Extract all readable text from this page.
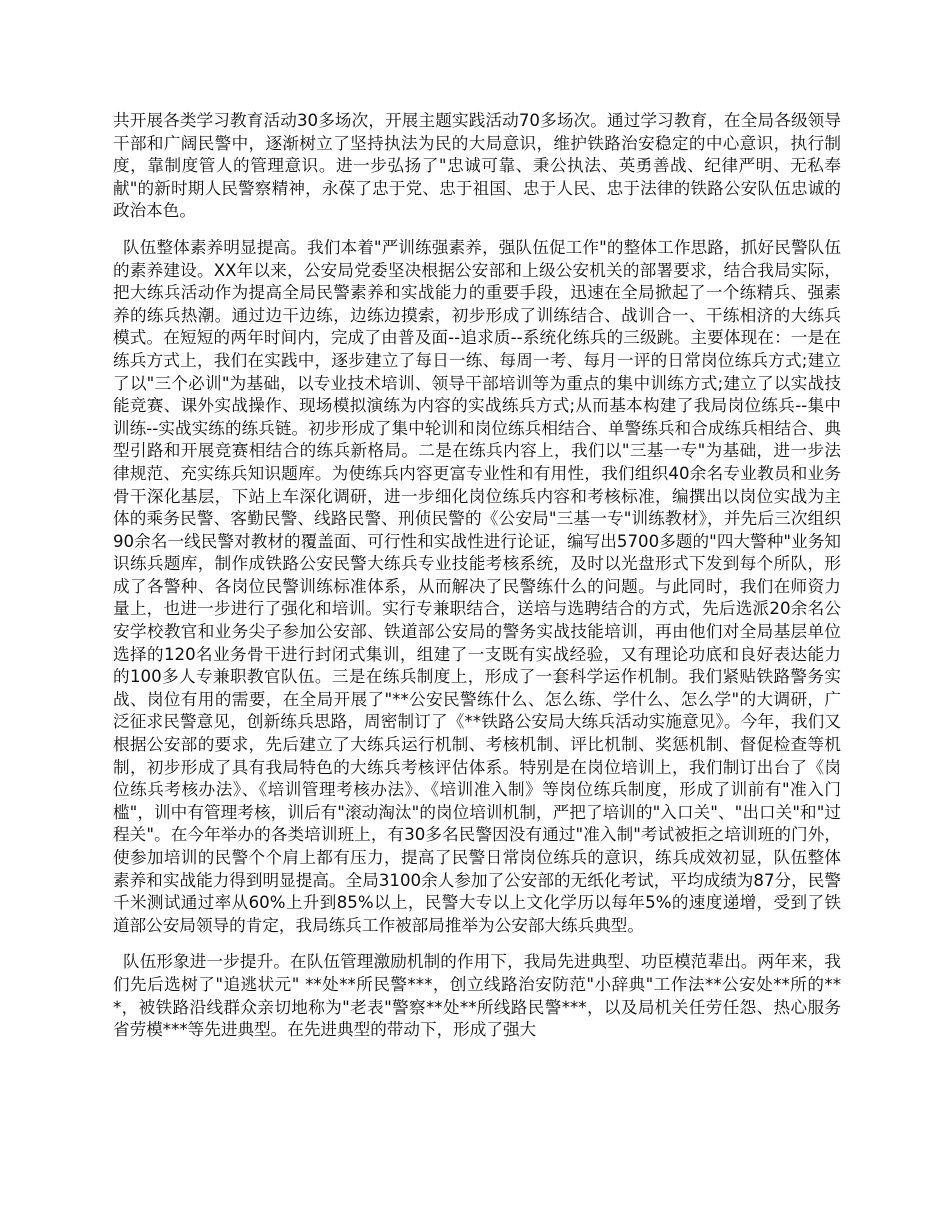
共开展各类学习教育活动30多场次，开展主题实践活动70多场次。通过学习教育，在全局各级领导干部和广阔民警中，逐渐树立了坚持执法为民的大局意识，维护铁路治安稳定的中心意识，执行制度，靠制度管人的管理意识。进一步弘扬了"忠诚可靠、秉公执法、英勇善战、纪律严明、无私奉献"的新时期人民警察精神，永葆了忠于党、忠于祖国、忠于人民、忠于法律的铁路公安队伍忠诚的政治本色。

队伍整体素养明显提高。我们本着"严训练强素养，强队伍促工作"的整体工作思路，抓好民警队伍的素养建设。XX年以来，公安局党委坚决根据公安部和上级公安机关的部署要求，结合我局实际，把大练兵活动作为提高全局民警素养和实战能力的重要手段，迅速在全局掀起了一个练精兵、强素养的练兵热潮。通过边干边练，边练边摸索，初步形成了训练结合、战训合一、干练相济的大练兵模式。在短短的两年时间内，完成了由普及面--追求质--系统化练兵的三级跳。主要体现在：一是在练兵方式上，我们在实践中，逐步建立了每日一练、每周一考、每月一评的日常岗位练兵方式;建立了以"三个必训"为基础，以专业技术培训、领导干部培训等为重点的集中训练方式;建立了以实战技能竞赛、课外实战操作、现场模拟演练为内容的实战练兵方式;从而基本构建了我局岗位练兵--集中训练--实战实练的练兵链。初步形成了集中轮训和岗位练兵相结合、单警练兵和合成练兵相结合、典型引路和开展竞赛相结合的练兵新格局。二是在练兵内容上，我们以"三基一专"为基础，进一步法律规范、充实练兵知识题库。为使练兵内容更富专业性和有用性，我们组织40余名专业教员和业务骨干深化基层，下站上车深化调研，进一步细化岗位练兵内容和考核标准，编撰出以岗位实战为主体的乘务民警、客勤民警、线路民警、刑侦民警的《公安局"三基一专"训练教材》，并先后三次组织90余名一线民警对教材的覆盖面、可行性和实战性进行论证，编写出5700多题的"四大警种"业务知识练兵题库，制作成铁路公安民警大练兵专业技能考核系统，及时以光盘形式下发到每个所队，形成了各警种、各岗位民警训练标准体系，从而解决了民警练什么的问题。与此同时，我们在师资力量上，也进一步进行了强化和培训。实行专兼职结合，送培与选聘结合的方式，先后选派20余名公安学校教官和业务尖子参加公安部、铁道部公安局的警务实战技能培训，再由他们对全局基层单位选择的120名业务骨干进行封闭式集训，组建了一支既有实战经验，又有理论功底和良好表达能力的100多人专兼职教官队伍。三是在练兵制度上，形成了一套科学运作机制。我们紧贴铁路警务实战、岗位有用的需要，在全局开展了"**公安民警练什么、怎么练、学什么、怎么学"的大调研，广泛征求民警意见，创新练兵思路，周密制订了《**铁路公安局大练兵活动实施意见》。今年，我们又根据公安部的要求，先后建立了大练兵运行机制、考核机制、评比机制、奖惩机制、督促检查等机制，初步形成了具有我局特色的大练兵考核评估体系。特别是在岗位培训上，我们制订出台了《岗位练兵考核办法》、《培训管理考核办法》、《培训准入制》等岗位练兵制度，形成了训前有"准入门槛"，训中有管理考核，训后有"滚动淘汰"的岗位培训机制，严把了培训的"入口关"、"出口关"和"过程关"。在今年举办的各类培训班上，有30多名民警因没有通过"准入制"考试被拒之培训班的门外，使参加培训的民警个个肩上都有压力，提高了民警日常岗位练兵的意识，练兵成效初显，队伍整体素养和实战能力得到明显提高。全局3100余人参加了公安部的无纸化考试，平均成绩为87分，民警千米测试通过率从60%上升到85%以上，民警大专以上文化学历以每年5%的速度递增，受到了铁道部公安局领导的肯定，我局练兵工作被部局推举为公安部大练兵典型。

队伍形象进一步提升。在队伍管理激励机制的作用下，我局先进典型、功臣模范辈出。两年来，我们先后选树了"追逃状元" **处**所民警***，创立线路治安防范"小辞典"工作法**公安处**所的***，被铁路沿线群众亲切地称为"老表"警察**处**所线路民警***，以及局机关任劳任怨、热心服务省劳模***等先进典型。在先进典型的带动下，形成了强大
